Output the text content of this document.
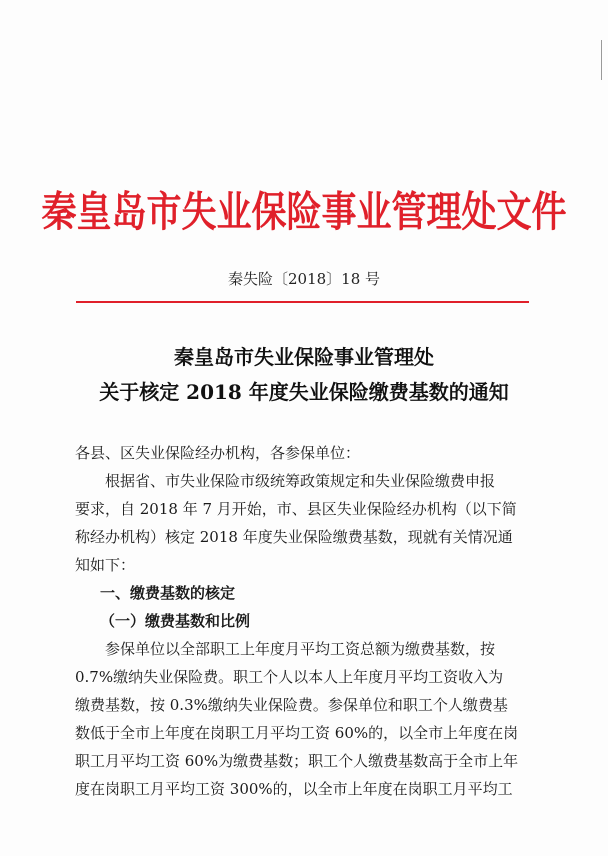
秦皇岛市失业保险事业管理处文件
秦失险〔2018〕18 号
秦皇岛市失业保险事业管理处
关于核定 2018 年度失业保险缴费基数的通知
各县、区失业保险经办机构，各参保单位：
根据省、市失业保险市级统筹政策规定和失业保险缴费申报
要求，自 2018 年 7 月开始，市、县区失业保险经办机构（以下简
称经办机构）核定 2018 年度失业保险缴费基数，现就有关情况通
知如下：
一、缴费基数的核定
（一）缴费基数和比例
参保单位以全部职工上年度月平均工资总额为缴费基数，按
0.7%缴纳失业保险费。职工个人以本人上年度月平均工资收入为
缴费基数，按 0.3%缴纳失业保险费。参保单位和职工个人缴费基
数低于全市上年度在岗职工月平均工资 60%的，以全市上年度在岗
职工月平均工资 60%为缴费基数；职工个人缴费基数高于全市上年
度在岗职工月平均工资 300%的，以全市上年度在岗职工月平均工
